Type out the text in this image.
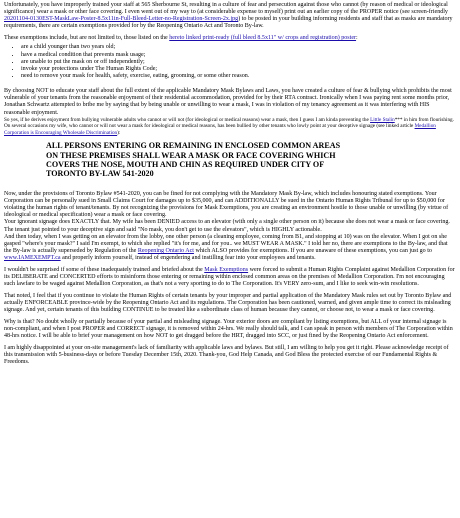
Unfortunately, you have improperly trained your staff at 565 Sherbourne St, resulting in a culture of fear and persecution against those who cannot (by reason of medical or ideological significance) wear a mask or other face covering. I even went out of my way to (at considerable expense to myself) print out an earlier copy of the PROPER notice (see screen-friendly 20201104-0130EST-MaskLaw-Poster-8.5x11in-Full-Bleed-Letter-no-Registration-Screen-2x.jpg) to be posted in your building informing residents and staff that as masks are mandatory requirements, there are certain exemptions provided for by the Reopening Ontario Act and Toronto By-law.

These exemptions include, but are not limited to, those listed on the hereto linked print-ready (full bleed 8.5x11" w/ crops and registration) poster:

• are a child younger than two years old;
• have a medical condition that prevents mask usage;
• are unable to put the mask on or off independently;
• invoke your protections under The Human Rights Code;
• need to remove your mask for health, safety, exercise, eating, grooming, or some other reason.

By choosing NOT to educate your staff about the full extent of the applicable Mandatory Mask Bylaws and Laws, you have created a culture of fear & bullying which prohibits the most vulnerable of your tenants from the reasonable enjoyment of their residential accommodation, provided for by their RTA contract. Ironically when I was paying rent some months prior, Jonathan Schwartz attempted to bribe me by saying that by being unable or unwilling to wear a mask, I was in violation of my tenancy agreement as it was interfering with HIS reasonable enjoyment.

So yes, if he derives enjoyment from bullying vulnerable adults who cannot or will not (for ideological or medical reasons) wear a mask, then I guess I am kinda preventing the Little Stalin*** in him from flourishing. On several occasions my wife, who cannot or will not wear a mask for ideological or medical reasons, has been bullied by other tenants who lowly point at your deceptive signage (see linked article Medallion Corporation is Encouraging Wholesale Discrimination):

ALL PERSONS ENTERING OR REMAINING IN ENCLOSED COMMON AREAS ON THESE PREMISES SHALL WEAR A MASK OR FACE COVERING WHICH COVERS THE NOSE, MOUTH AND CHIN AS REQUIRED UNDER CITY OF TORONTO BY-LAW 541-2020

Now, under the provisions of Toronto Bylaw #541-2020, you can be fined for not complying with the Mandatory Mask By-law, which includes honouring stated exemptions. Your Corporation can be personally sued in Small Claims Court for damages up to $35,000, and can ADDITIONALLY be sued in the Ontario Human Rights Tribunal for up to $50,000 for violating the human rights of tenant/tenants. By not recognizing the provisions for Mask Exemptions, you are creating an environment hostile to those unable or unwilling (by virtue of ideological or medical specification) wear a mask or face covering.

Your ignorant signage does EXACTLY that. My wife has been DENIED access to an elevator (with only a single other person on it) because she does not wear a mask or face covering. The tenant just pointed to your deceptive sign and said "No mask, you don't get to use the elevators", which is HIGHLY actionable.

And then today, when I was getting on an elevator from the lobby, one other person (a cleaning employee, coming from B1, and stopping at 10) was on the elevator. When I got on she gasped "where's your mask?" I said I'm exempt, to which she replied "it's for me, and for you.. we MUST WEAR A MASK." I told her no, there are exemptions to the By-law, and that the By-law is actually superseded by Regulation of the Reopening Ontario Act which ALSO provides for exemptions. If you are unaware of these exemptions, you can just go to www.IAMEXEMPT.ca and properly inform yourself, instead of engendering and instilling fear into your employees and tenants.

I wouldn't be surprised if some of these inadequately trained and briefed about the Mask Exemptions were forced to submit a Human Rights Complaint against Medallion Corporation for its DELIBERATE and CONCERTED efforts to misinform those entering or remaining within enclosed common areas on the premises of Medallion Corporation. I'm not encouraging such lawfare to be waged against Medallion Corporation, as that's not a very sporting to do to The Corporation. It's VERY zero-sum, and I like to seek win-win resolutions.

That noted, I feel that if you continue to violate the Human Rights of certain tenants by your improper and partial application of the Mandatory Mask rules set out by Toronto Bylaw and actually ENFORCEABLE province-wide by the Reopening Ontario Act and its regulations. The Corporation has been cautioned, warned, and given ample time to correct its misleading signage. And yet, certain tenants of this building CONTINUE to be treated like a subordinate class of human because they cannot, or choose not, to wear a mask or face covering.

Why is that? No doubt wholly or partially because of your partial and misleading signage. Your exterior doors are compliant by listing exemptions, but ALL of your internal signage is non-compliant, and when I post PROPER and CORRECT signage, it is removed within 24-hrs. We really should talk, and I can speak in person with members of The Corporation within 48-hrs notice. I will be able to brief your management on how NOT to get dragged before the HRT, dragged into SCC, or just fined by the Reopening Ontario Act enforcement.

I am highly disappointed at your on-site management's lack of familiarity with applicable laws and bylaws. But still, I am willing to help you get it right. Please acknowledge receipt of this transmission with 5-business-days or before Tuesday December 15th, 2020. Thank-you, God Help Canada, and God Bless the protected exercise of our Fundamental Rights & Freedoms.
